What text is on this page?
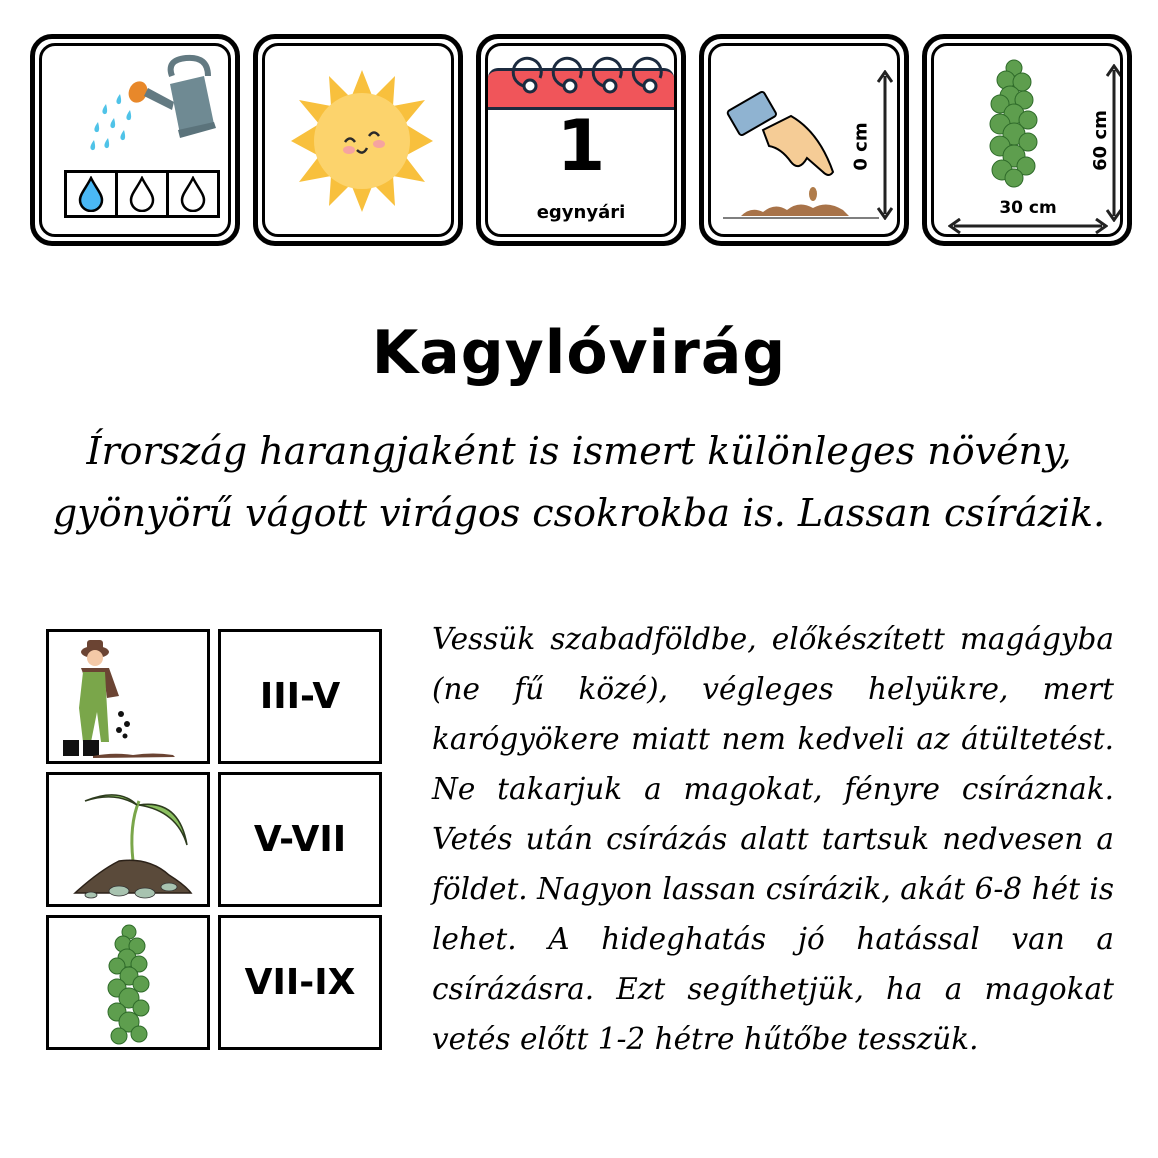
1
egynyári
0 cm	60 cm
30 cm
Kagylóvirág
Írország harangjaként is ismert különleges növény, gyönyörű vágott virágos csokrokba is. Lassan csírázik.
III-V
V-VII
VII-IX
Vessük szabadföldbe, előkészített magágyba (ne fű közé), végleges helyükre, mert karógyökere miatt nem kedveli az átültetést. Ne takarjuk a magokat, fényre csíráznak. Vetés után csírázás alatt tartsuk nedvesen a földet. Nagyon lassan csírázik, akát 6-8 hét is lehet. A hideghatás jó hatással van a csírázásra. Ezt segíthetjük, ha a magokat vetés előtt 1-2 hétre hűtőbe tesszük.
